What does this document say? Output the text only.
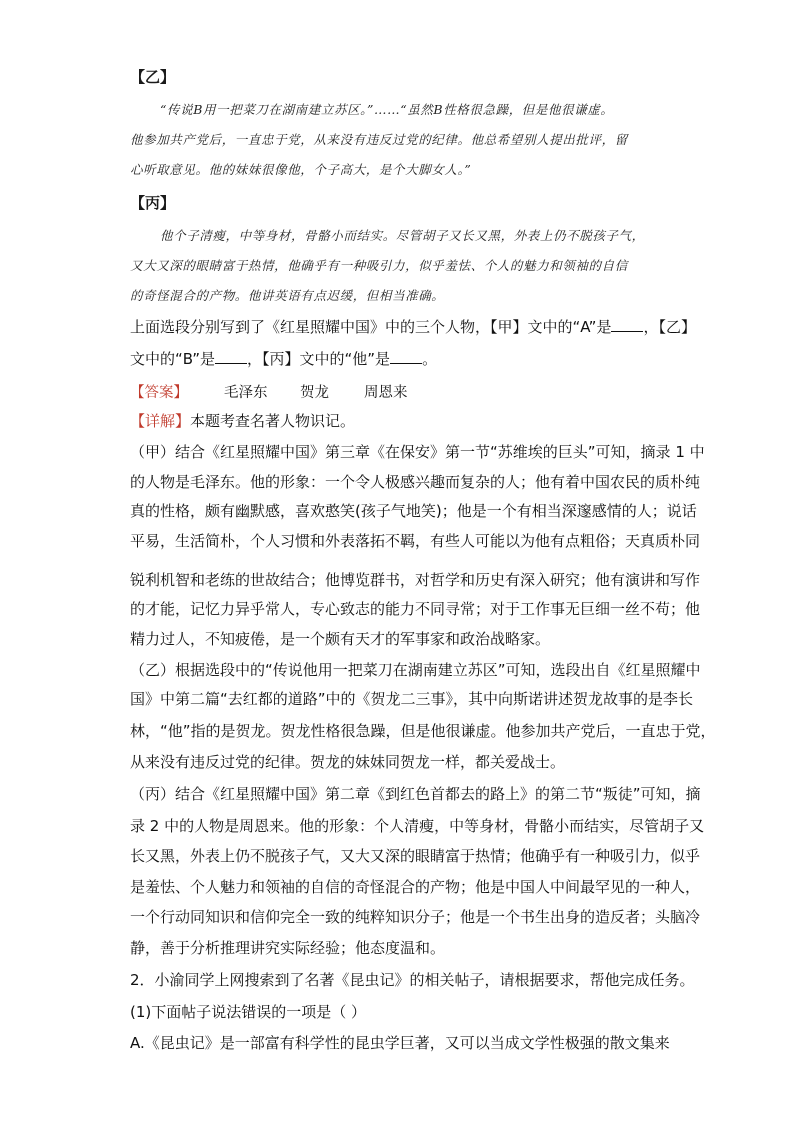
【乙】
“传说B用一把菜刀在湖南建立苏区。”……“虽然B性格很急躁，但是他很谦虚。
他参加共产党后，一直忠于党，从来没有违反过党的纪律。他总希望别人提出批评，留
心听取意见。他的妹妹很像他，个子高大，是个大脚女人。”
【丙】
他个子清瘦，中等身材，骨骼小而结实。尽管胡子又长又黑，外表上仍不脱孩子气，
又大又深的眼睛富于热情，他确乎有一种吸引力，似乎羞怯、个人的魅力和领袖的自信
的奇怪混合的产物。他讲英语有点迟缓，但相当准确。
上面选段分别写到了《红星照耀中国》中的三个人物，【甲】文中的“A”是 ，【乙】
文中的“B”是 ，【丙】文中的“他”是 。
【答案】 毛泽东 贺龙 周恩来
【详解】本题考查名著人物识记。
（甲）结合《红星照耀中国》第三章《在保安》第一节“苏维埃的巨头”可知，摘录 1 中
的人物是毛泽东。他的形象：一个令人极感兴趣而复杂的人；他有着中国农民的质朴纯
真的性格，颇有幽默感，喜欢憨笑(孩子气地笑)；他是一个有相当深邃感情的人；说话
平易，生活简朴，个人习惯和外表落拓不羁，有些人可能以为他有点粗俗；天真质朴同
锐利机智和老练的世故结合；他博览群书，对哲学和历史有深入研究；他有演讲和写作
的才能，记忆力异乎常人，专心致志的能力不同寻常；对于工作事无巨细一丝不苟；他
精力过人，不知疲倦，是一个颇有天才的军事家和政治战略家。
（乙）根据选段中的“传说他用一把菜刀在湖南建立苏区”可知，选段出自《红星照耀中
国》中第二篇“去红都的道路”中的《贺龙二三事》，其中向斯诺讲述贺龙故事的是李长
林，“他”指的是贺龙。贺龙性格很急躁，但是他很谦虚。他参加共产党后，一直忠于党，
从来没有违反过党的纪律。贺龙的妹妹同贺龙一样，都关爱战士。
（丙）结合《红星照耀中国》第二章《到红色首都去的路上》的第二节“叛徒”可知，摘
录 2 中的人物是周恩来。他的形象：个人清瘦，中等身材，骨骼小而结实，尽管胡子又
长又黑，外表上仍不脱孩子气，又大又深的眼睛富于热情；他确乎有一种吸引力，似乎
是羞怯、个人魅力和领袖的自信的奇怪混合的产物；他是中国人中间最罕见的一种人，
一个行动同知识和信仰完全一致的纯粹知识分子；他是一个书生出身的造反者；头脑冷
静，善于分析推理讲究实际经验；他态度温和。
2．小渝同学上网搜索到了名著《昆虫记》的相关帖子，请根据要求，帮他完成任务。
(1)下面帖子说法错误的一项是（ ）
A.《昆虫记》是一部富有科学性的昆虫学巨著，又可以当成文学性极强的散文集来
